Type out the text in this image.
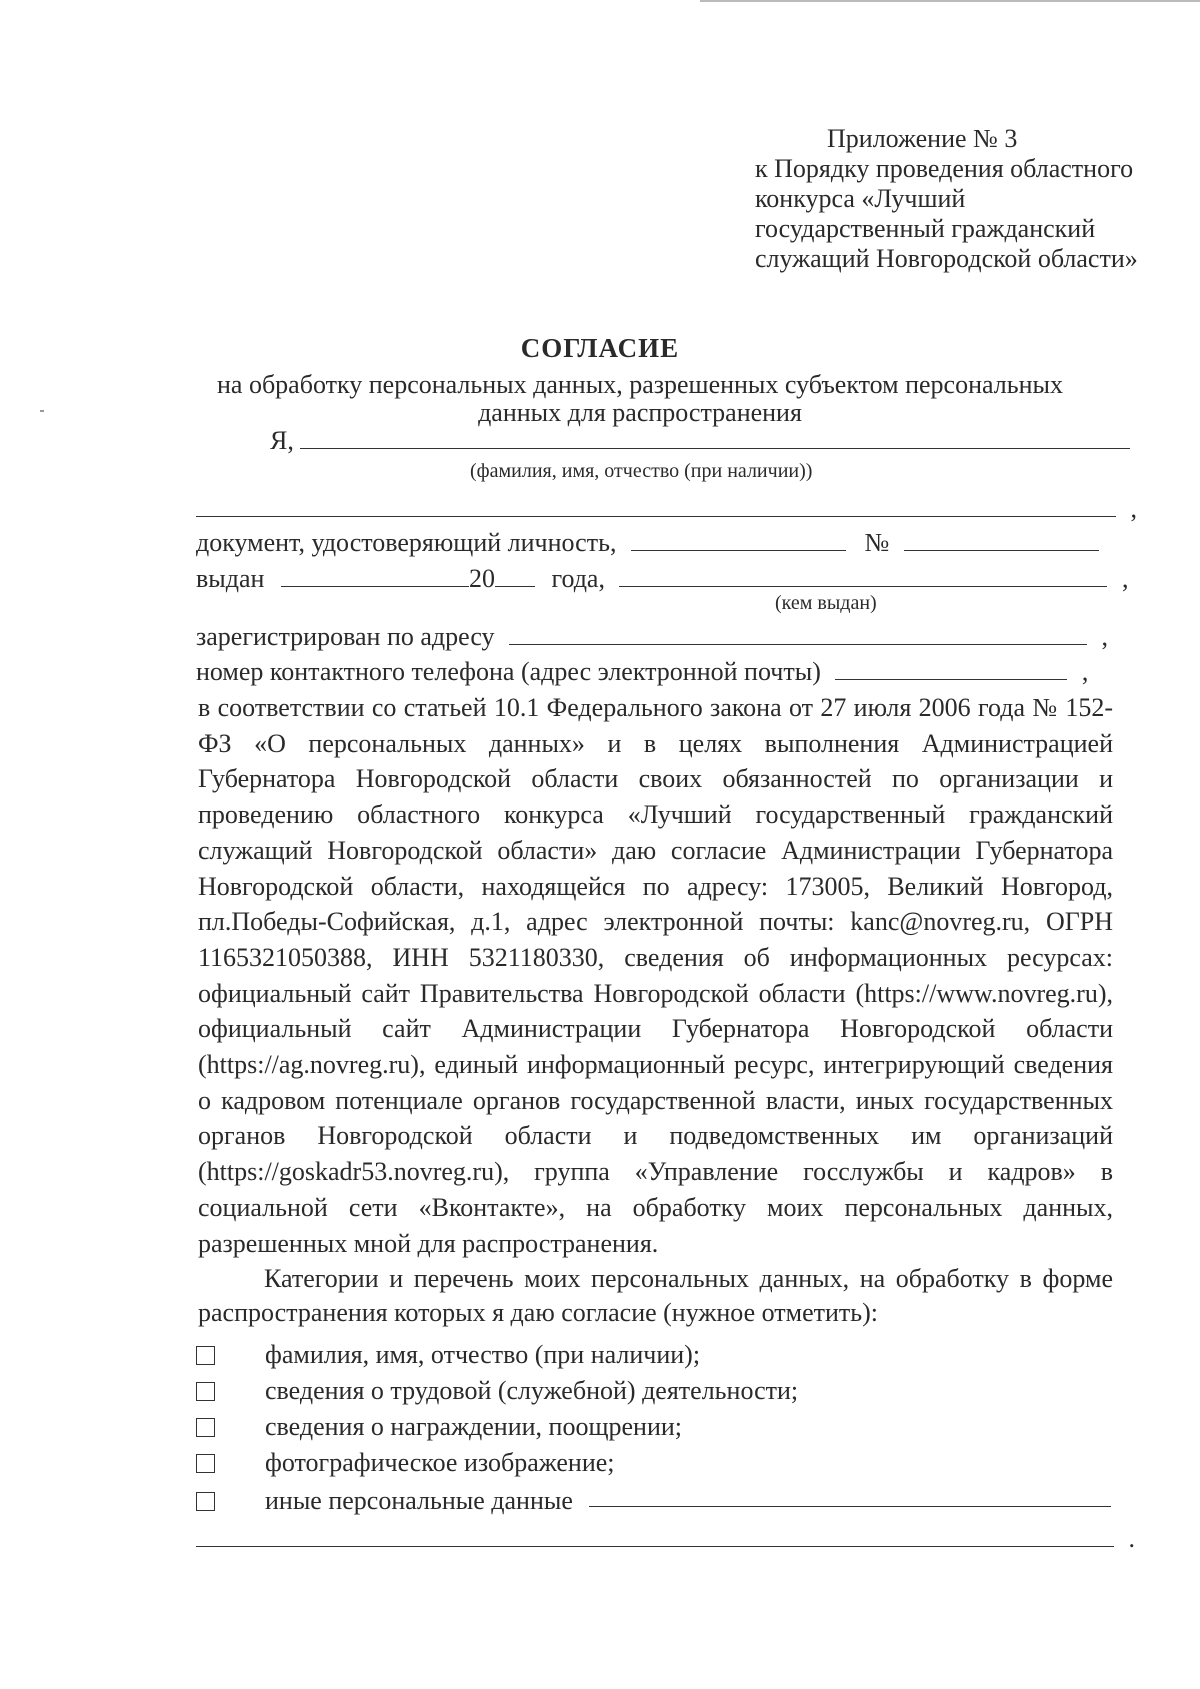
Приложение № 3
к Порядку проведения областного конкурса «Лучший государственный гражданский служащий Новгородской области»
СОГЛАСИЕ
на обработку персональных данных, разрешенных субъектом персональных данных для распространения
Я,
(фамилия, имя, отчество (при наличии))
,
документ, удостоверяющий личность,	№
выдан	20 года,	,
(кем выдан)
зарегистрирован по адресу	,
номер контактного телефона (адрес электронной почты)	,
в соответствии со статьей 10.1 Федерального закона от 27 июля 2006 года № 152-ФЗ «О персональных данных» и в целях выполнения Администрацией Губернатора Новгородской области своих обязанностей по организации и проведению областного конкурса «Лучший государственный гражданский служащий Новгородской области» даю согласие Администрации Губернатора Новгородской области, находящейся по адресу: 173005, Великий Новгород, пл.Победы-Софийская, д.1, адрес электронной почты: kanc@novreg.ru, ОГРН 1165321050388, ИНН 5321180330, сведения об информационных ресурсах: официальный сайт Правительства Новгородской области (https://www.novreg.ru), официальный сайт Администрации Губернатора Новгородской области (https://ag.novreg.ru), единый информационный ресурс, интегрирующий сведения о кадровом потенциале органов государственной власти, иных государственных органов Новгородской области и подведомственных им организаций (https://goskadr53.novreg.ru), группа «Управление госслужбы и кадров» в социальной сети «Вконтакте», на обработку моих персональных данных, разрешенных мной для распространения.
Категории и перечень моих персональных данных, на обработку в форме распространения которых я даю согласие (нужное отметить):
фамилия, имя, отчество (при наличии);
сведения о трудовой (служебной) деятельности;
сведения о награждении, поощрении;
фотографическое изображение;
иные персональные данные
.
